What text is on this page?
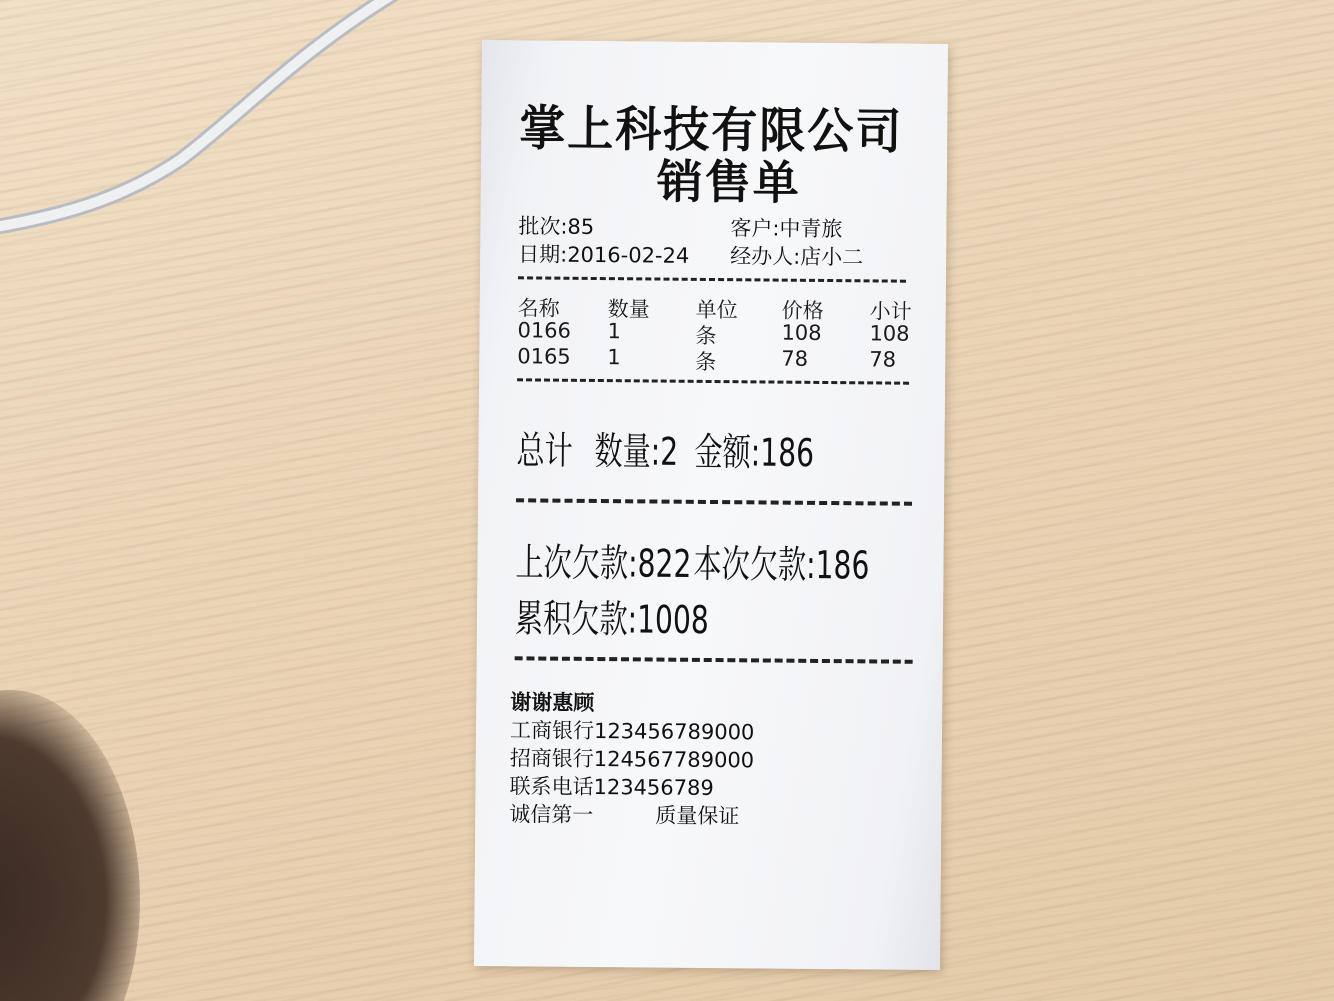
掌上科技有限公司
销售单
批次:85	客户:中青旅
日期:2016-02-24 经办人:店小二
名称 数量 单位 价格 小计
0166 1	条	108 108
0165 1	条	78	78
总计 数量:2 金额:186
上次欠款:822 本次欠款:186
累积欠款:1008
谢谢惠顾
工商银行123456789000
招商银行124567789000
联系电话123456789
诚信第一	质量保证
